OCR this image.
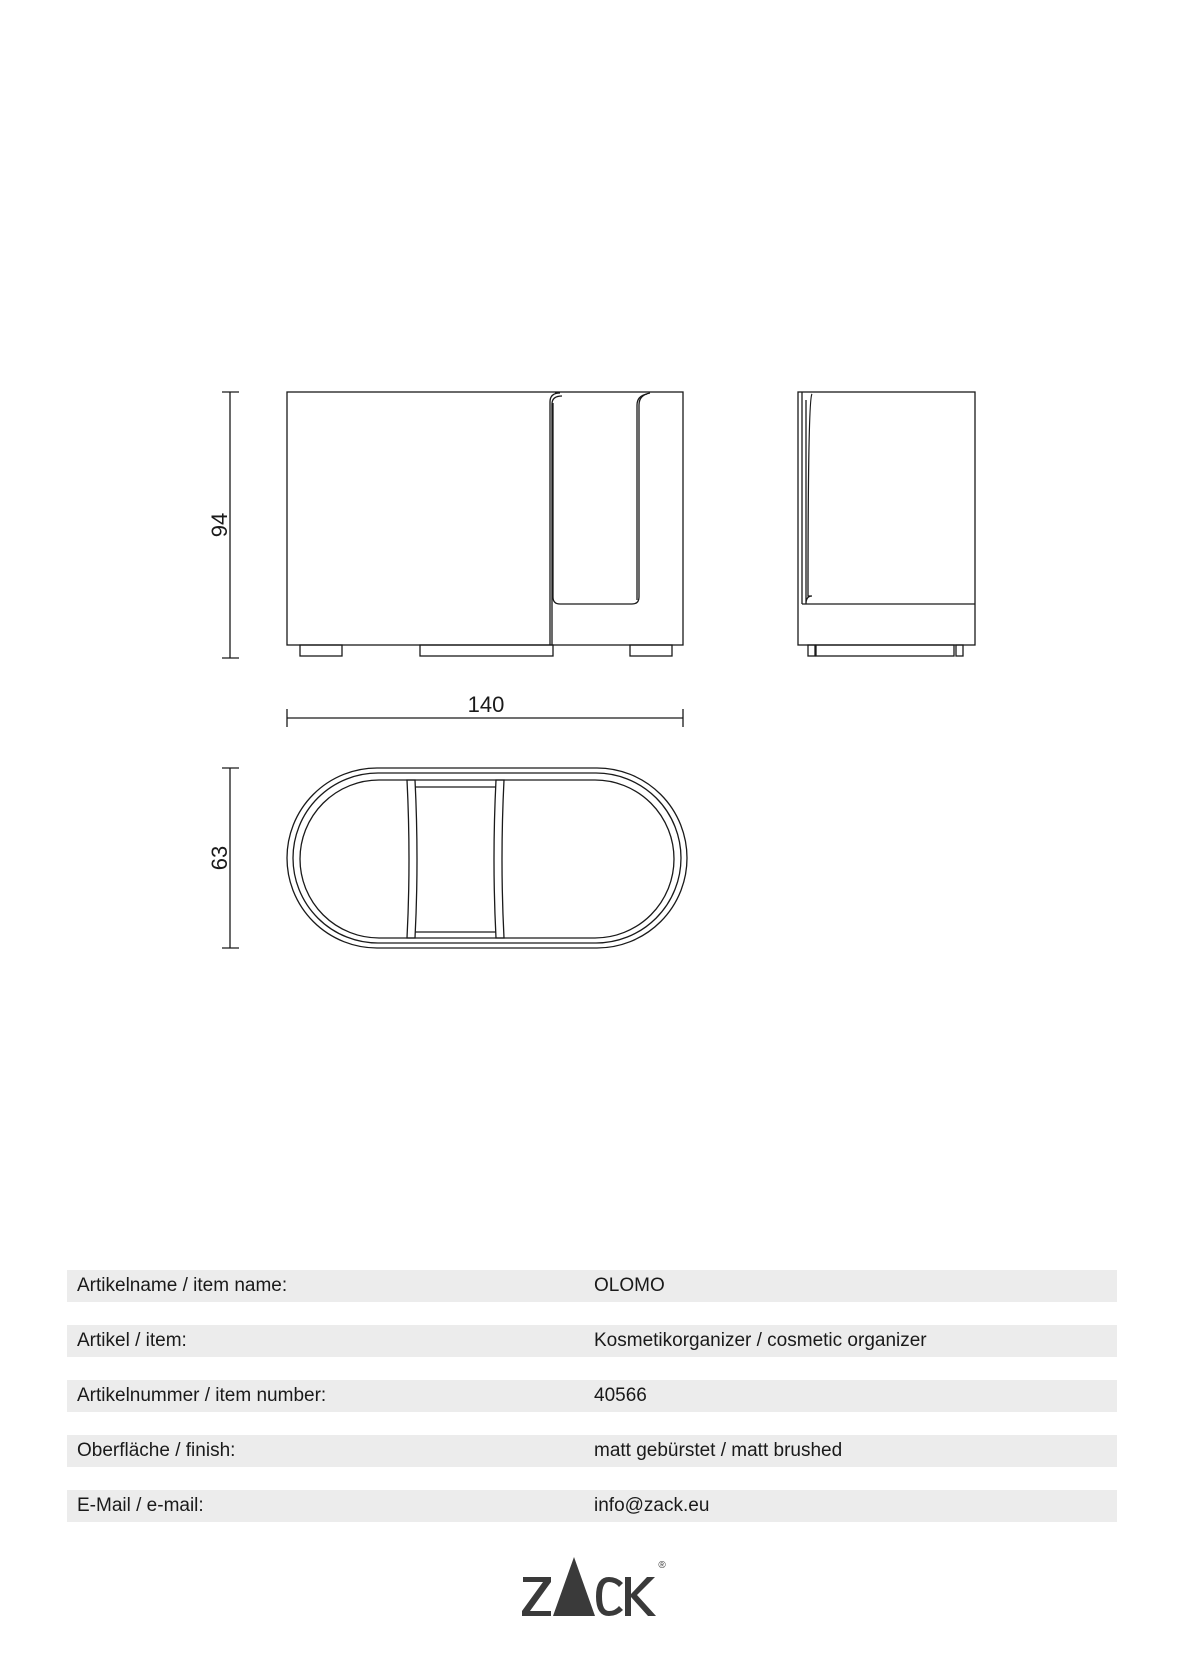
94
140
63
Artikelname / item name:	OLOMO
Artikel / item:	Kosmetikorganizer / cosmetic organizer
Artikelnummer / item number:	40566
Oberfläche / finish:	matt gebürstet / matt brushed
E-Mail / e-mail:	info@zack.eu
®
